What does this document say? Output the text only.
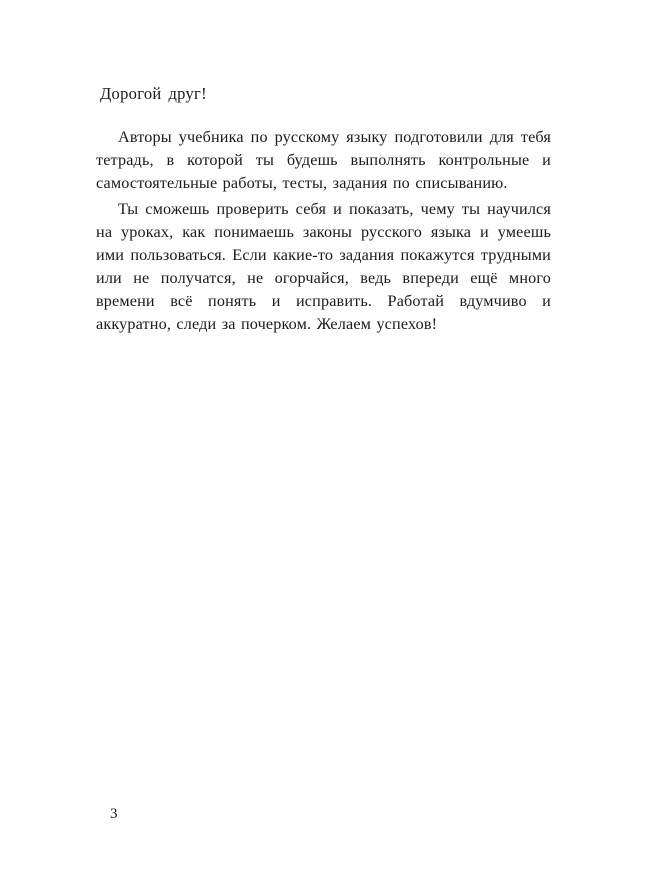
Дорогой друг!

Авторы учебника по русскому языку подготовили для тебя тетрадь, в которой ты будешь выполнять контрольные и самостоятельные работы, тесты, задания по списыванию.

Ты сможешь проверить себя и показать, чему ты научился на уроках, как понимаешь законы русского языка и умеешь ими пользоваться. Если какие-то задания покажутся трудными или не получатся, не огорчайся, ведь впереди ещё много времени всё понять и исправить. Работай вдумчиво и аккуратно, следи за почерком. Желаем успехов!

3
